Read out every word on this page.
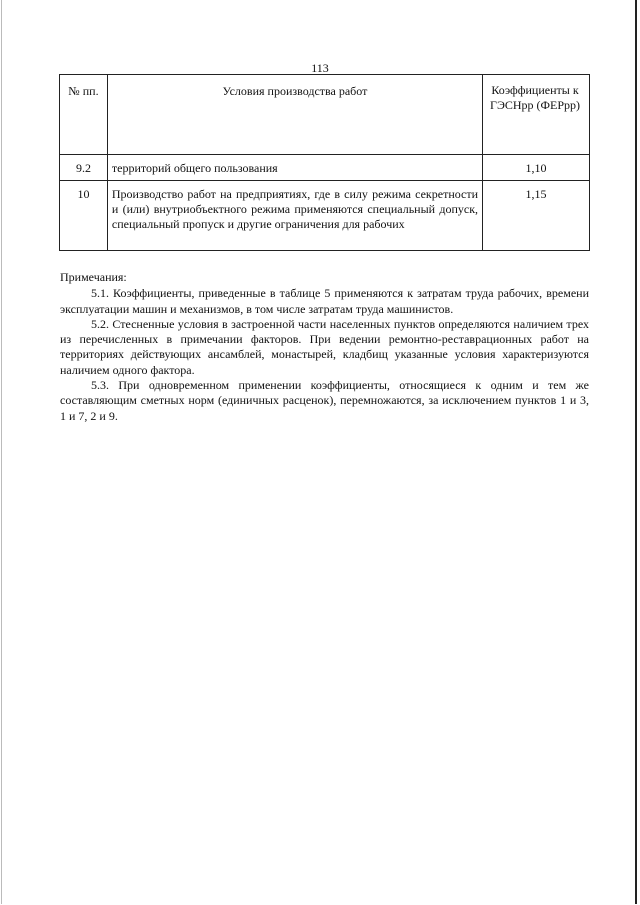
113
№ пп.	Условия производства работ	Коэффициенты к ГЭСНрр (ФЕРрр)
9.2	территорий общего пользования	1,10
10	Производство работ на предприятиях, где в силу режима секретности и (или) внутриобъектного режима применяются специальный допуск, специальный пропуск и другие ограничения для рабочих	1,15
Примечания:

5.1. Коэффициенты, приведенные в таблице 5 применяются к затратам труда рабочих, времени эксплуатации машин и механизмов, в том числе затратам труда машинистов.

5.2. Стесненные условия в застроенной части населенных пунктов определяются наличием трех из перечисленных в примечании факторов. При ведении ремонтно-реставрационных работ на территориях действующих ансамблей, монастырей, кладбищ указанные условия характеризуются наличием одного фактора.

5.3. При одновременном применении коэффициенты, относящиеся к одним и тем же составляющим сметных норм (единичных расценок), перемножаются, за исключением пунктов 1 и 3, 1 и 7, 2 и 9.
